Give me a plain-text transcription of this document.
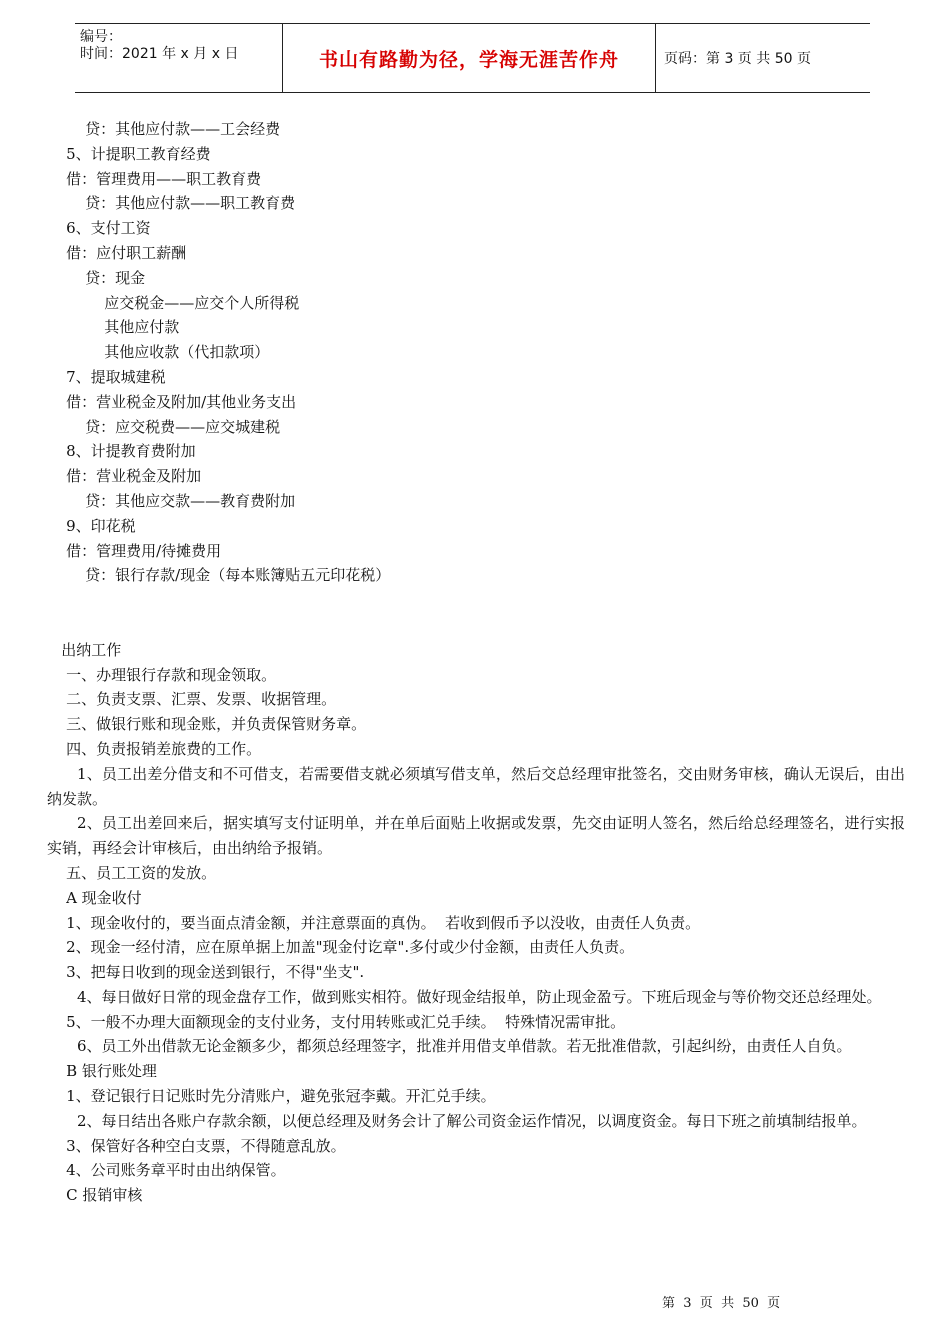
编号：
时间：2021 年 x 月 x 日	书山有路勤为径，学海无涯苦作舟	页码：第 3 页 共 50 页
贷：其他应付款——工会经费
5、计提职工教育经费
借：管理费用——职工教育费
贷：其他应付款——职工教育费
6、支付工资
借：应付职工薪酬
贷：现金
应交税金——应交个人所得税
其他应付款
其他应收款（代扣款项）
7、提取城建税
借：营业税金及附加/其他业务支出
贷：应交税费——应交城建税
8、计提教育费附加
借：营业税金及附加
贷：其他应交款——教育费附加
9、印花税
借：管理费用/待摊费用
贷：银行存款/现金（每本账簿贴五元印花税）
出纳工作
一、办理银行存款和现金领取。
二、负责支票、汇票、发票、收据管理。
三、做银行账和现金账，并负责保管财务章。
四、负责报销差旅费的工作。
1、员工出差分借支和不可借支，若需要借支就必须填写借支单，然后交总经理审批签名，交由财务审核，确认无误后，由出纳发款。
2、员工出差回来后，据实填写支付证明单，并在单后面贴上收据或发票，先交由证明人签名，然后给总经理签名，进行实报实销，再经会计审核后，由出纳给予报销。
五、员工工资的发放。
A 现金收付
1、现金收付的，要当面点清金额，并注意票面的真伪。  若收到假币予以没收，由责任人负责。
2、现金一经付清，应在原单据上加盖"现金付讫章".多付或少付金额，由责任人负责。
3、把每日收到的现金送到银行，不得"坐支".
4、每日做好日常的现金盘存工作，做到账实相符。做好现金结报单，防止现金盈亏。下班后现金与等价物交还总经理处。
5、一般不办理大面额现金的支付业务，支付用转账或汇兑手续。  特殊情况需审批。
6、员工外出借款无论金额多少，都须总经理签字，批准并用借支单借款。若无批准借款，引起纠纷，由责任人自负。
B 银行账处理
1、登记银行日记账时先分清账户，避免张冠李戴。开汇兑手续。
2、每日结出各账户存款余额，以便总经理及财务会计了解公司资金运作情况，以调度资金。每日下班之前填制结报单。
3、保管好各种空白支票，不得随意乱放。
4、公司账务章平时由出纳保管。
C 报销审核
第  3  页  共  50  页
